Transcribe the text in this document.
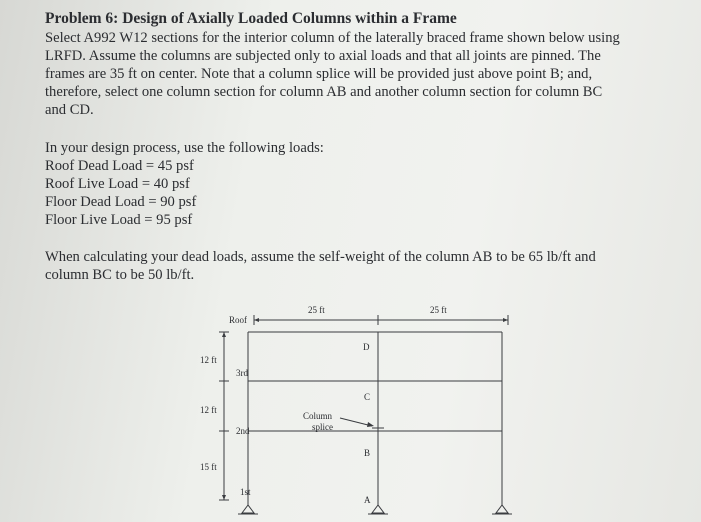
Problem 6: Design of Axially Loaded Columns within a Frame

Select A992 W12 sections for the interior column of the laterally braced frame shown below using
LRFD. Assume the columns are subjected only to axial loads and that all joints are pinned. The
frames are 35 ft on center. Note that a column splice will be provided just above point B; and,
therefore, select one column section for column AB and another column section for column BC
and CD.

In your design process, use the following loads:
Roof Dead Load = 45 psf
Roof Live Load = 40 psf
Floor Dead Load = 90 psf
Floor Live Load = 95 psf

When calculating your dead loads, assume the self-weight of the column AB to be 65 lb/ft and
column BC to be 50 lb/ft.

25 ft	25 ft
Roof
3rd
2nd
1st
12 ft
12 ft
15 ft
D
C
B
A
Column
splice
